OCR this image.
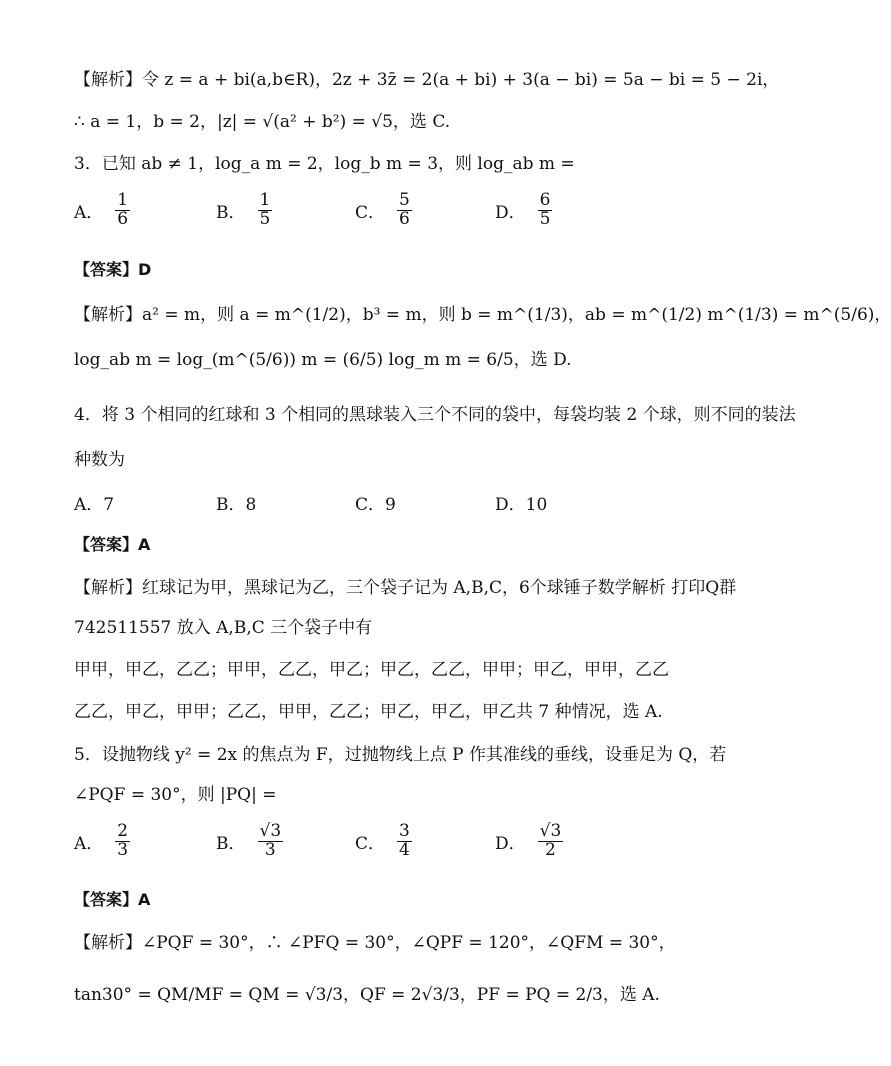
【解析】令 z = a + bi(a,b∈R)，2z + 3z̄ = 2(a + bi) + 3(a − bi) = 5a − bi = 5 − 2i，
∴ a = 1，b = 2，|z| = √(a² + b²) = √5，选 C.
3．已知 ab ≠ 1，log_a m = 2，log_b m = 3，则 log_ab m =
A． $\frac{1}{6}$	B． $\frac{1}{5}$	C． $\frac{5}{6}$	D． $\frac{6}{5}$
【答案】D
【解析】a² = m，则 a = m^(1/2)，b³ = m，则 b = m^(1/3)，ab = m^(1/2) m^(1/3) = m^(5/6)，
log_ab m = log_(m^(5/6)) m = (6/5) log_m m = 6/5，选 D.
4．将 3 个相同的红球和 3 个相同的黑球装入三个不同的袋中，每袋均装 2 个球，则不同的装法
种数为
A．7	B．8	C．9	D．10
【答案】A
【解析】红球记为甲，黑球记为乙，三个袋子记为 A,B,C，6个球锤子数学解析 打印Q群
742511557 放入 A,B,C 三个袋子中有
甲甲，甲乙，乙乙；甲甲，乙乙，甲乙；甲乙，乙乙，甲甲；甲乙，甲甲，乙乙
乙乙，甲乙，甲甲；乙乙，甲甲，乙乙；甲乙，甲乙，甲乙共 7 种情况，选 A.
5．设抛物线 y² = 2x 的焦点为 F，过抛物线上点 P 作其准线的垂线，设垂足为 Q，若
∠PQF = 30°，则 |PQ| =
A． $\frac{2}{3}$	B． $\frac{√3}{3}$	C． $\frac{3}{4}$	D． $\frac{√3}{2}$
【答案】A
【解析】∠PQF = 30°，∴ ∠PFQ = 30°，∠QPF = 120°，∠QFM = 30°，
tan30° = QM/MF = QM = √3/3，QF = 2√3/3，PF = PQ = 2/3，选 A.
